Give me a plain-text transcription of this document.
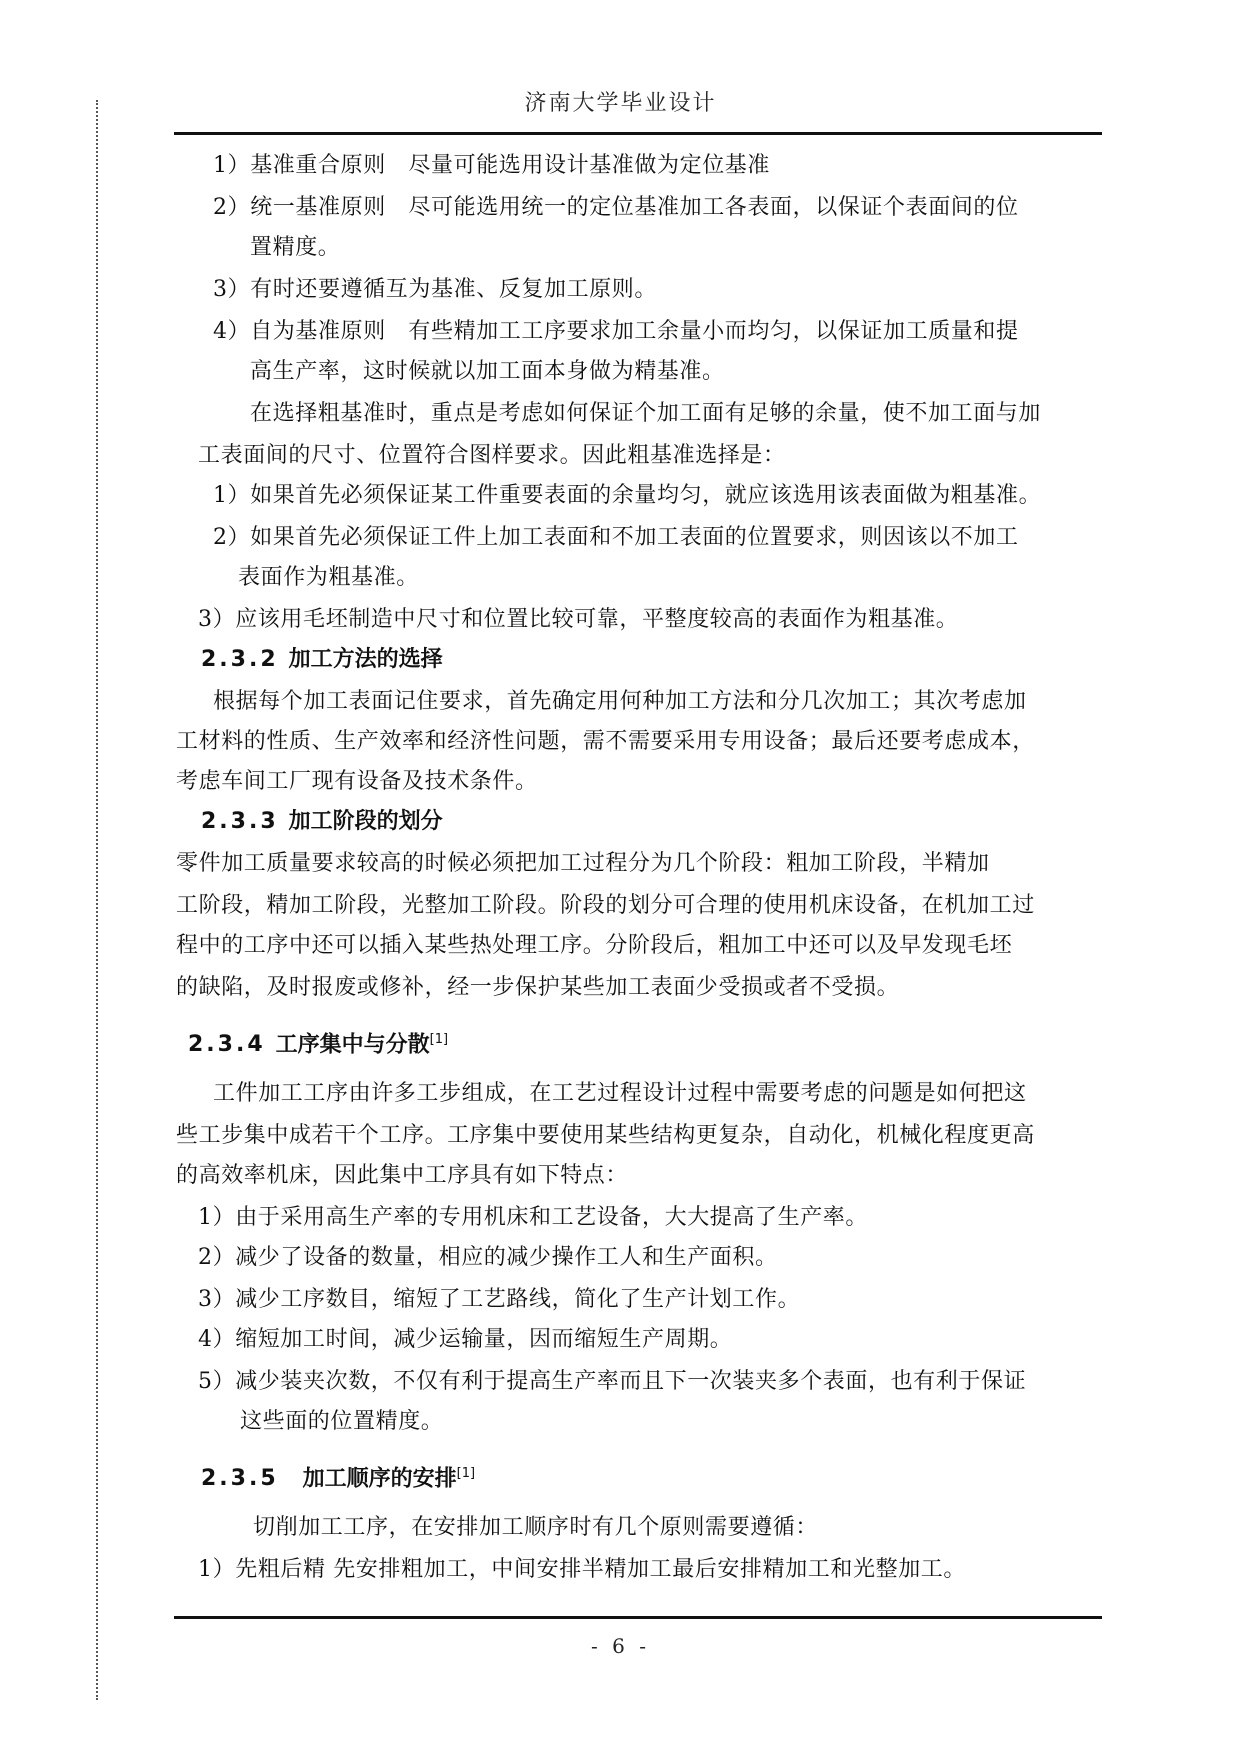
济南大学毕业设计
1）基准重合原则　尽量可能选用设计基准做为定位基准
2）统一基准原则　尽可能选用统一的定位基准加工各表面，以保证个表面间的位
置精度。
3）有时还要遵循互为基准、反复加工原则。
4）自为基准原则　有些精加工工序要求加工余量小而均匀，以保证加工质量和提
高生产率，这时候就以加工面本身做为精基准。
在选择粗基准时，重点是考虑如何保证个加工面有足够的余量，使不加工面与加
工表面间的尺寸、位置符合图样要求。因此粗基准选择是：
1）如果首先必须保证某工件重要表面的余量均匀，就应该选用该表面做为粗基准。
2）如果首先必须保证工件上加工表面和不加工表面的位置要求，则因该以不加工
表面作为粗基准。
3）应该用毛坯制造中尺寸和位置比较可靠，平整度较高的表面作为粗基准。
2.3.2 加工方法的选择
根据每个加工表面记住要求，首先确定用何种加工方法和分几次加工；其次考虑加
工材料的性质、生产效率和经济性问题，需不需要采用专用设备；最后还要考虑成本，
考虑车间工厂现有设备及技术条件。
2.3.3 加工阶段的划分
零件加工质量要求较高的时候必须把加工过程分为几个阶段：粗加工阶段，半精加
工阶段，精加工阶段，光整加工阶段。阶段的划分可合理的使用机床设备，在机加工过
程中的工序中还可以插入某些热处理工序。分阶段后，粗加工中还可以及早发现毛坯
的缺陷，及时报废或修补，经一步保护某些加工表面少受损或者不受损。
2.3.4 工序集中与分散[1]
工件加工工序由许多工步组成，在工艺过程设计过程中需要考虑的问题是如何把这
些工步集中成若干个工序。工序集中要使用某些结构更复杂，自动化，机械化程度更高
的高效率机床，因此集中工序具有如下特点：
1）由于采用高生产率的专用机床和工艺设备，大大提高了生产率。
2）减少了设备的数量，相应的减少操作工人和生产面积。
3）减少工序数目，缩短了工艺路线，简化了生产计划工作。
4）缩短加工时间，减少运输量，因而缩短生产周期。
5）减少装夹次数，不仅有利于提高生产率而且下一次装夹多个表面，也有利于保证
这些面的位置精度。
2.3.5 加工顺序的安排[1]
切削加工工序，在安排加工顺序时有几个原则需要遵循：
1）先粗后精 先安排粗加工，中间安排半精加工最后安排精加工和光整加工。
- 6 -
